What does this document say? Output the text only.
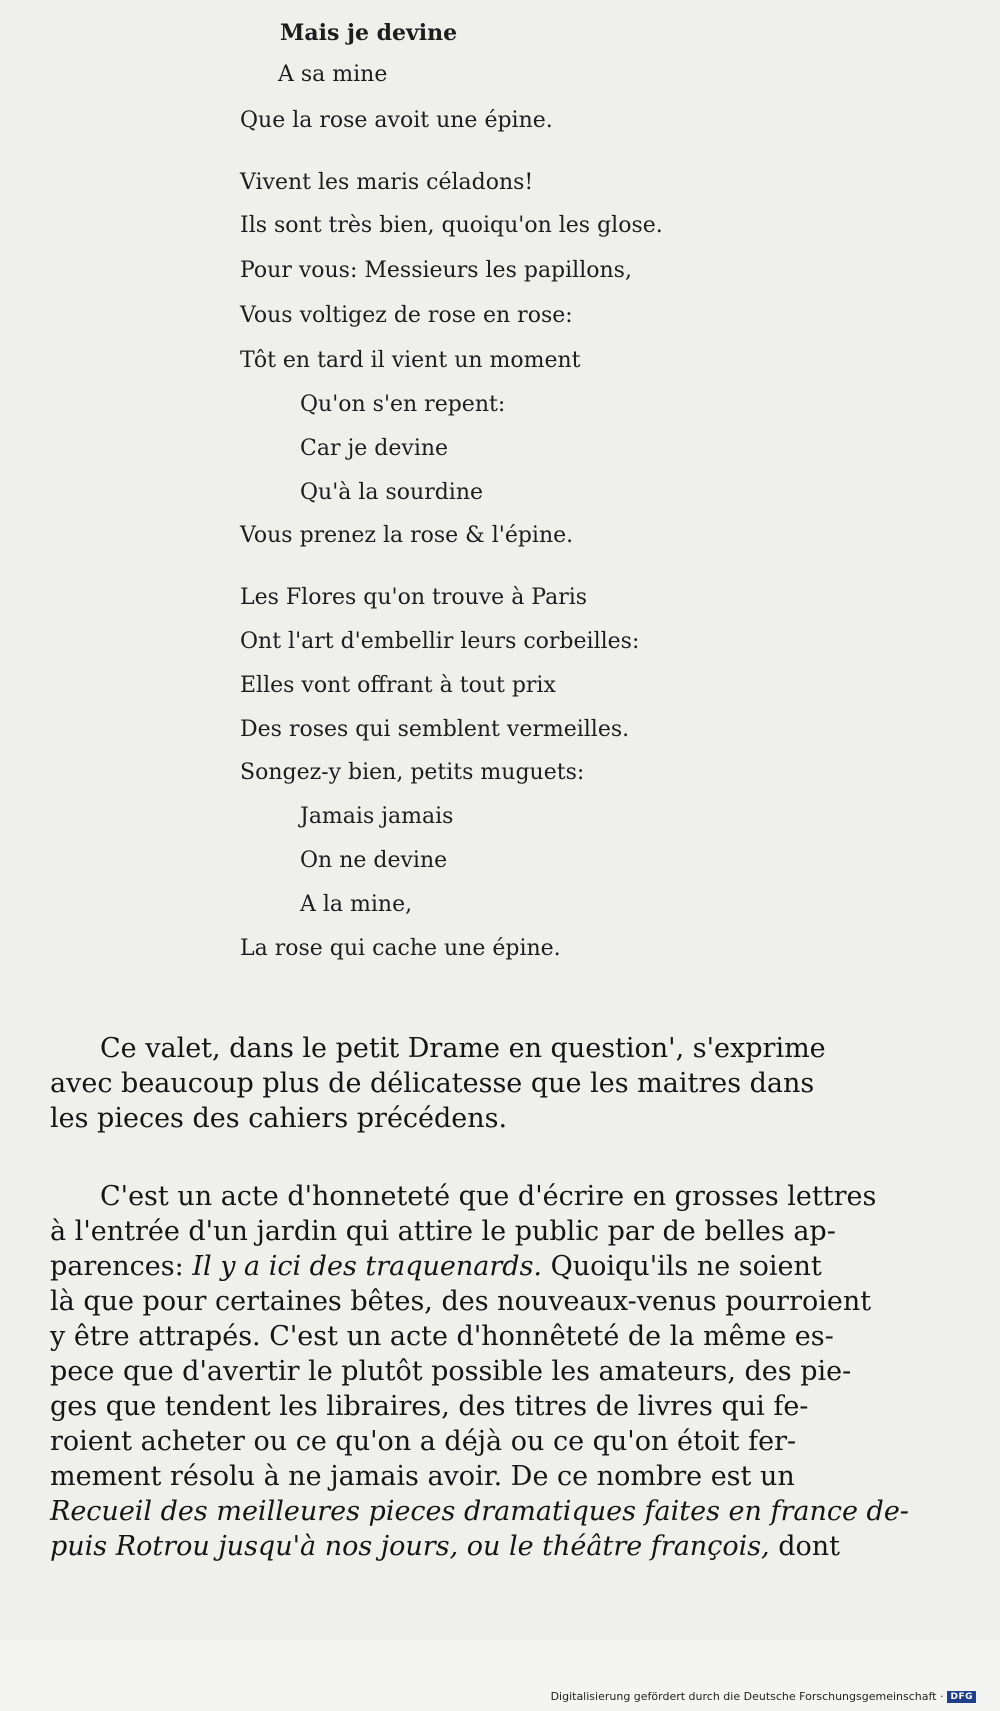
Mais je devine
A sa mine
Que la rose avoit une épine.
Vivent les maris céladons!
Ils sont très bien, quoiqu'on les glose.
Pour vous: Messieurs les papillons,
Vous voltigez de rose en rose:
Tôt en tard il vient un moment
Qu'on s'en repent:
Car je devine
Qu'à la sourdine
Vous prenez la rose & l'épine.
Les Flores qu'on trouve à Paris
Ont l'art d'embellir leurs corbeilles:
Elles vont offrant à tout prix
Des roses qui semblent vermeilles.
Songez-y bien, petits muguets:
Jamais jamais
On ne devine
A la mine,
La rose qui cache une épine.
Ce valet, dans le petit Drame en question', s'exprime
avec beaucoup plus de délicatesse que les maitres dans
les pieces des cahiers précédens.
C'est un acte d'honneteté que d'écrire en grosses lettres
à l'entrée d'un jardin qui attire le public par de belles ap-
parences: Il y a ici des traquenards. Quoiqu'ils ne soient
là que pour certaines bêtes, des nouveaux-venus pourroient
y être attrapés. C'est un acte d'honnêteté de la même es-
pece que d'avertir le plutôt possible les amateurs, des pie-
ges que tendent les libraires, des titres de livres qui fe-
roient acheter ou ce qu'on a déjà ou ce qu'on étoit fer-
mement résolu à ne jamais avoir. De ce nombre est un
Recueil des meilleures pieces dramatiques faites en france de-
puis Rotrou jusqu'à nos jours, ou le théâtre françois, dont
Digitalisierung gefördert durch die Deutsche Forschungsgemeinschaft · DFG
